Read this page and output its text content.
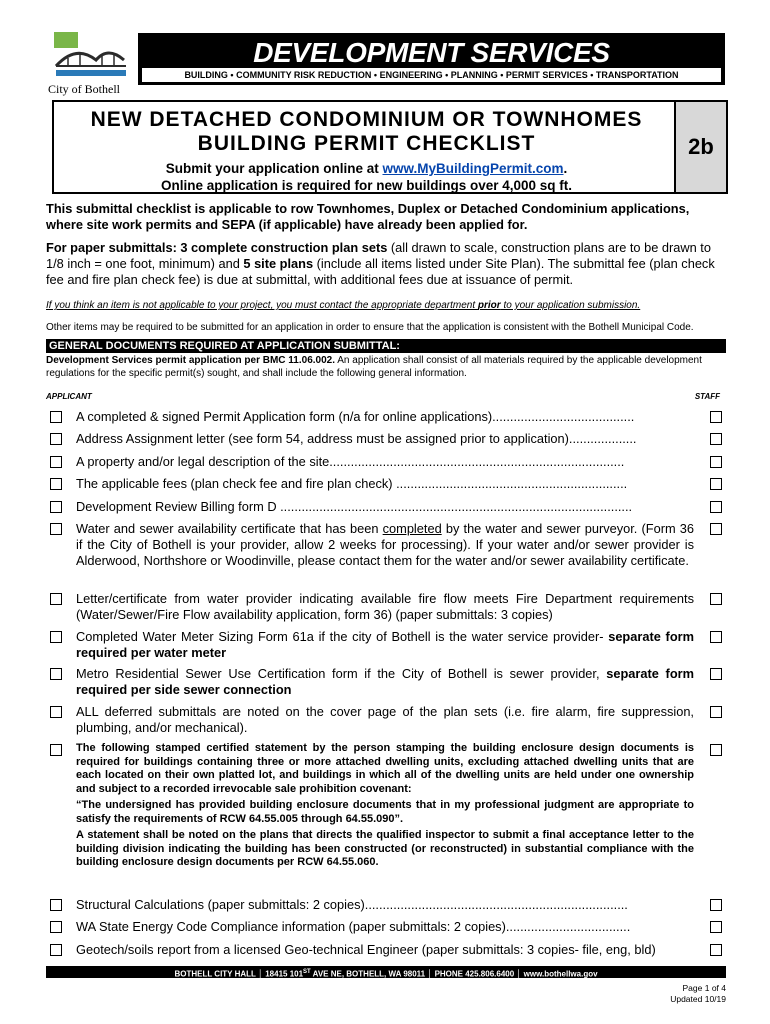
City of Bothell
DEVELOPMENT SERVICES
BUILDING • COMMUNITY RISK REDUCTION • ENGINEERING • PLANNING • PERMIT SERVICES • TRANSPORTATION
NEW DETACHED CONDOMINIUM OR TOWNHOMES
BUILDING PERMIT CHECKLIST
Submit your application online at www.MyBuildingPermit.com.
Online application is required for new buildings over 4,000 sq ft.
2b
This submittal checklist is applicable to row Townhomes, Duplex or Detached Condominium applications, where site work permits and SEPA (if applicable) have already been applied for.
For paper submittals: 3 complete construction plan sets (all drawn to scale, construction plans are to be drawn to 1/8 inch = one foot, minimum) and 5 site plans (include all items listed under Site Plan). The submittal fee (plan check fee and fire plan check fee) is due at submittal, with additional fees due at issuance of permit.
If you think an item is not applicable to your project, you must contact the appropriate department prior to your application submission.
Other items may be required to be submitted for an application in order to ensure that the application is consistent with the Bothell Municipal Code.
GENERAL DOCUMENTS REQUIRED AT APPLICATION SUBMITTAL:
Development Services permit application per BMC 11.06.002. An application shall consist of all materials required by the applicable development regulations for the specific permit(s) sought, and shall include the following general information.
APPLICANT	STAFF
A completed & signed Permit Application form (n/a for online applications)........................................
Address Assignment letter (see form 54, address must be assigned prior to application)...................
A property and/or legal description of the site...................................................................................
The applicable fees (plan check fee and fire plan check) .................................................................
Development Review Billing form D ...................................................................................................
Water and sewer availability certificate that has been completed by the water and sewer purveyor. (Form 36 if the City of Bothell is your provider, allow 2 weeks for processing). If your water and/or sewer provider is Alderwood, Northshore or Woodinville, please contact them for the water and/or sewer availability certificate.
Letter/certificate from water provider indicating available fire flow meets Fire Department requirements (Water/Sewer/Fire Flow availability application, form 36) (paper submittals: 3 copies)
Completed Water Meter Sizing Form 61a if the city of Bothell is the water service provider- separate form required per water meter
Metro Residential Sewer Use Certification form if the City of Bothell is sewer provider, separate form required per side sewer connection
ALL deferred submittals are noted on the cover page of the plan sets (i.e. fire alarm, fire suppression, plumbing, and/or mechanical).
The following stamped certified statement by the person stamping the building enclosure design documents is required for buildings containing three or more attached dwelling units, excluding attached dwelling units that are each located on their own platted lot, and buildings in which all of the dwelling units are held under one ownership and subject to a recorded irrevocable sale prohibition covenant:
“The undersigned has provided building enclosure documents that in my professional judgment are appropriate to satisfy the requirements of RCW 64.55.005 through 64.55.090”.
A statement shall be noted on the plans that directs the qualified inspector to submit a final acceptance letter to the building division indicating the building has been constructed (or reconstructed) in substantial compliance with the building enclosure design documents per RCW 64.55.060.
Structural Calculations (paper submittals: 2 copies)..........................................................................
WA State Energy Code Compliance information (paper submittals: 2 copies)...................................
Geotech/soils report from a licensed Geo-technical Engineer (paper submittals: 3 copies- file, eng, bld)
BOTHELL CITY HALL │ 18415 101ST AVE NE, BOTHELL, WA 98011 │ PHONE 425.806.6400 │ www.bothellwa.gov
Page 1 of 4
Updated 10/19
